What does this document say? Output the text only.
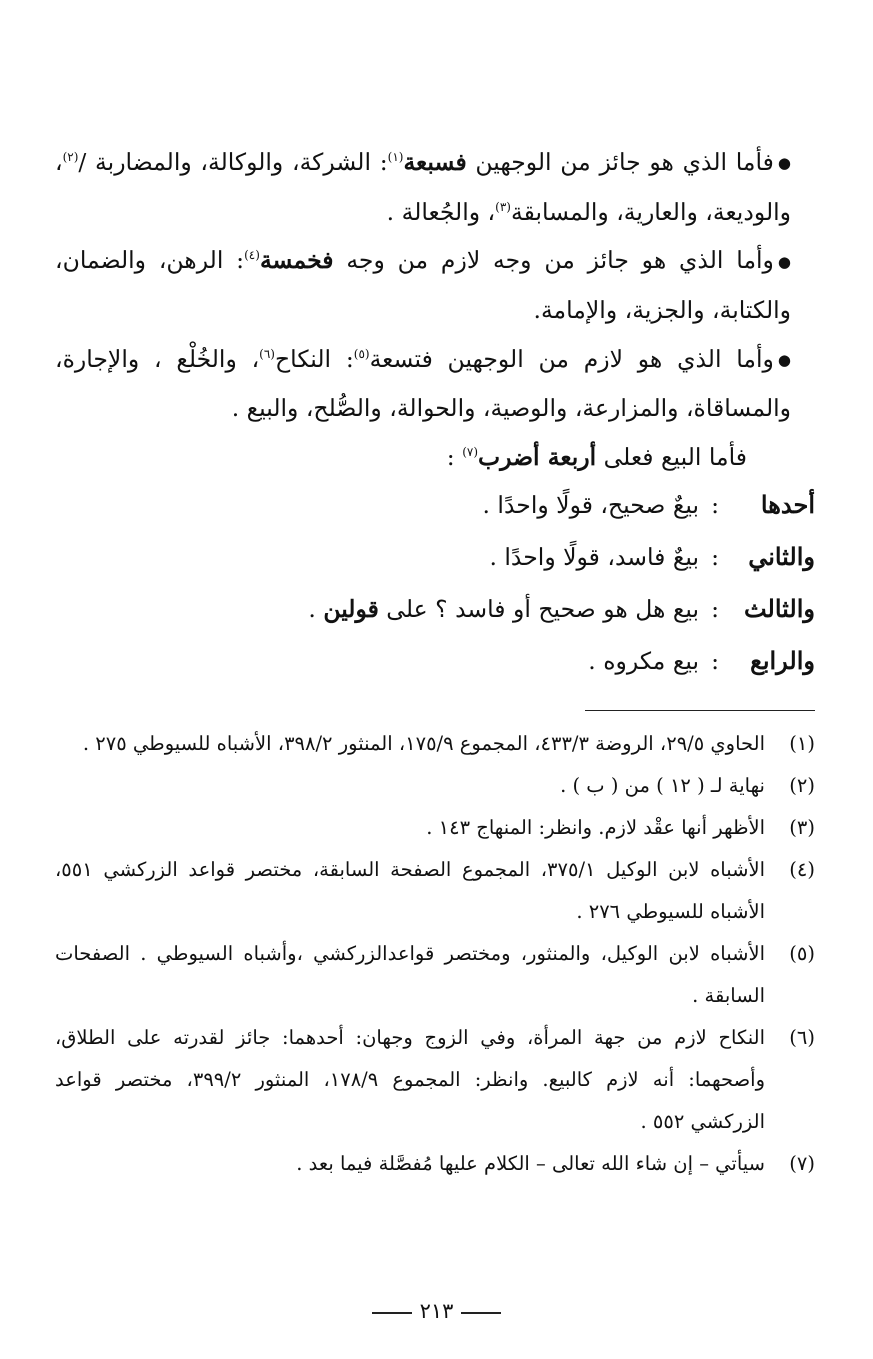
●فأما الذي هو جائز من الوجهين فسبعة$^{(١)}$: الشركة، والوكالة، والمضاربة /$^{(٢)}$، والوديعة، والعارية، والمسابقة$^{(٣)}$، والجُعالة .

●وأما الذي هو جائز من وجه لازم من وجه فخمسة$^{(٤)}$: الرهن، والضمان، والكتابة، والجزية، والإمامة.

●وأما الذي هو لازم من الوجهين فتسعة$^{(٥)}$: النكاح$^{(٦)}$، والخُلْع ، والإجارة، والمساقاة، والمزارعة، والوصية، والحوالة، والصُّلح، والبيع .

فأما البيع فعلى أربعة أضرب$^{(٧)}$ :

أحدها
:
بيعٌ صحيح، قولًا واحدًا .
والثاني
:
بيعٌ فاسد، قولًا واحدًا .
والثالث
:
بيع هل هو صحيح أو فاسد ؟ على قولين .
والرابع
:
بيع مكروه .
(١)
الحاوي ٢٩/٥، الروضة ٤٣٣/٣، المجموع ١٧٥/٩، المنثور ٣٩٨/٢، الأشباه للسيوطي ٢٧٥ .
(٢)
نهاية لـ ( ١٢ ) من ( ب ) .
(٣)
الأظهر أنها عقْد لازم. وانظر: المنهاج ١٤٣ .
(٤)
الأشباه لابن الوكيل ٣٧٥/١، المجموع الصفحة السابقة، مختصر قواعد الزركشي ٥٥١، الأشباه للسيوطي ٢٧٦ .
(٥)
الأشباه لابن الوكيل، والمنثور، ومختصر قواعدالزركشي ،وأشباه السيوطي . الصفحات السابقة .
(٦)
النكاح لازم من جهة المرأة، وفي الزوج وجهان: أحدهما: جائز لقدرته على الطلاق، وأصحهما: أنه لازم كالبيع. وانظر: المجموع ١٧٨/٩، المنثور ٣٩٩/٢، مختصر قواعد الزركشي ٥٥٢ .
(٧)
سيأتي – إن شاء الله تعالى – الكلام عليها مُفصَّلة فيما بعد .
٢١٣
